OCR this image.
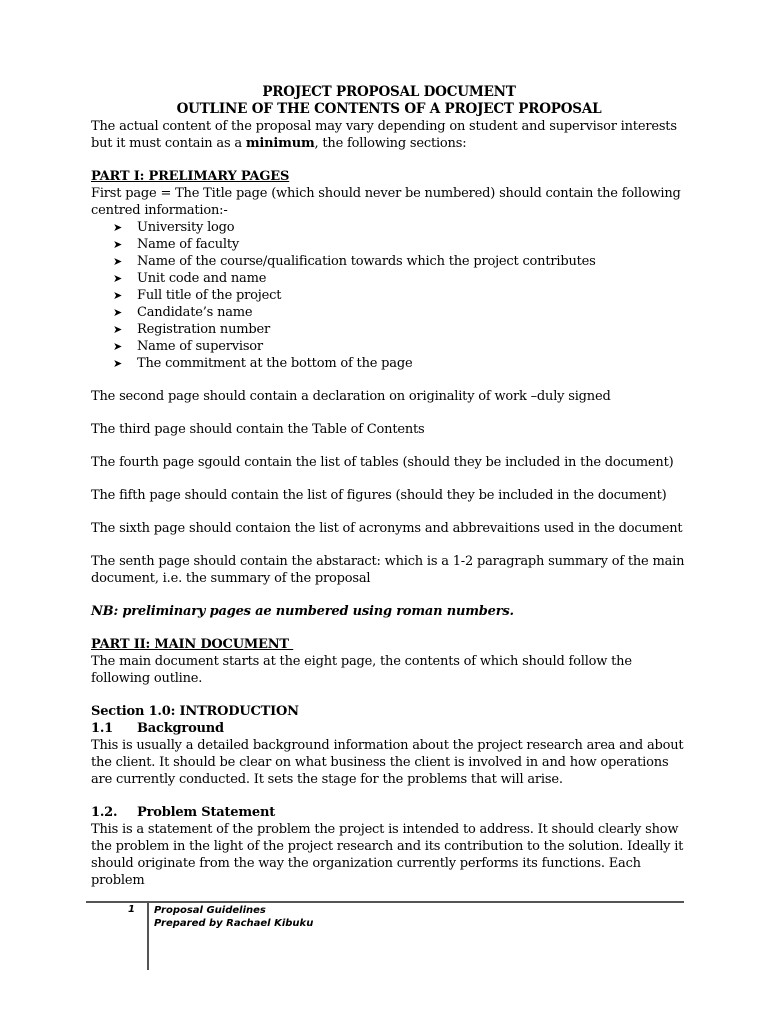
PROJECT PROPOSAL DOCUMENT

OUTLINE OF THE CONTENTS OF A PROJECT PROPOSAL

The actual content of the proposal may vary depending on student and supervisor interests but it must contain as a minimum, the following sections:

PART I: PRELIMARY PAGES

First page = The Title page (which should never be numbered) should contain the following centred information:-

➤ University logo
➤ Name of faculty
➤ Name of the course/qualification towards which the project contributes
➤ Unit code and name
➤ Full title of the project
➤ Candidate’s name
➤ Registration number
➤ Name of supervisor
➤ The commitment at the bottom of the page

The second page should contain a declaration on originality of work –duly signed

The third page should contain the Table of Contents

The fourth page sgould contain the list of tables (should they be included in the document)

The fifth page should contain the list of figures (should they be included in the document)

The sixth page should contaion the list of acronyms and abbrevaitions used in the document

The senth page should contain the abstaract: which is a 1-2 paragraph summary of the main document, i.e. the summary of the proposal

NB: preliminary pages ae numbered using roman numbers.

PART II: MAIN DOCUMENT

The main document starts at the eight page, the contents of which should follow the following outline.

Section 1.0: INTRODUCTION

1.1 Background

This is usually a detailed background information about the project research area and about the client. It should be clear on what business the client is involved in and how operations are currently conducted. It sets the stage for the problems that will arise.

1.2. Problem Statement

This is a statement of the problem the project is intended to address. It should clearly show the problem in the light of the project research and its contribution to the solution. Ideally it should originate from the way the organization currently performs its functions. Each problem

1 Proposal Guidelines
Prepared by Rachael Kibuku
